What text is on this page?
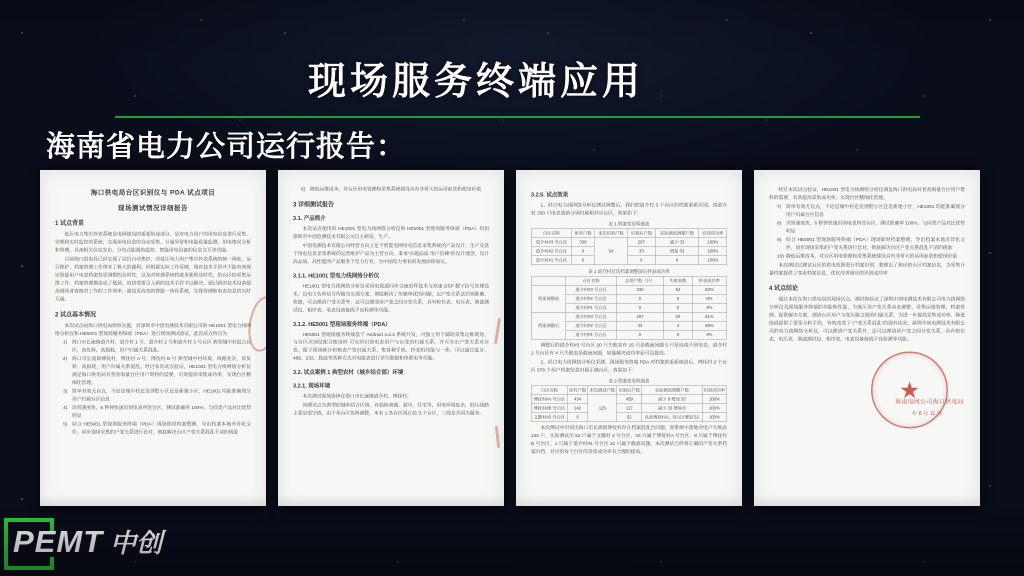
现场服务终端应用
海南省电力公司运行报告：
海口供电局台区识别仪与 PDA 试点项目
现场测试情况详细报告
1 试点背景
低压电力集中抄表系统是电网建设的重要组成部分，是对电力用户的用电信息进行采集、处理和实时监控的系统，实现用电信息的自动采集、计量异常和电能质量监测、用电情况分析和管理，具备相关信息发布、分布式能源的监控、智能用电设备的信息交互等功能。
目前海口供电局已经实现了居民自动集抄，对低压电力用户集中抄表系统的统一调度、运行维护、档案管理工作带来了极大的便利。但根据实际工作反映，现有技术手段并不能有效保证海量用户电表档案变更调整的及时性，以及对管理系统档案更新的及时性，给台区的采集运维工作、档案管理都造成了瓶颈，迫切需要引入新的技术手段予以解决，通过新的技术设备提高现场普查核对工作的工作效率，建设更高效的智能一体化系统，实现管理和电表信息的实时互通。
2 试点基本情况
本次试点由海口供电局组织实施，对深圳市中创电测技术有限公司的 HE1001 型电力线网络分析仪和 HE5001 型现场服务终端（PDA）进行现场测试验证，此次试点特点为
1) 海口市长流镇道介村，道介村 1 号、道介村 2 号和道介村 3 号台区 典型城中村混合台区，高负荷、高损耗，用户归属关系混乱。
2) 海口市长流镇博抚村，博抚村 A 号、博抚村 B 号 典型城中村环境，线路复杂，高负荷、高损耗，用户归属关系混乱。经过本次试点验证，HE1001 型电力线网络分析仪满足海口供电局对普查海量台区用户资料的需要，有效提高采集成功率，实现台区精细化管理。
3) 简单有效无盲点，不论是城中村还是别墅小区还是新建小区，HE1001 均能准确划分用户归属台区信息
4) 识别速度快，6 秒钟快速识别电表所处台区，测试准确率 100%，与同类产品对比优势明显
5) 结合 HE5001 型现场服务终端（PDA）现场即时档案整理，导出档案本地差异化文件，同步现场采集的户变关系进行比对，彻底解决台区户变关系混乱不清的现象
6) 降低运维成本，对台区用电管理和采集系统建设具有非常大的运用前景和使用价值
3 详细测试报告
3.1. 产品简介
本次试点使用的 HE1001 型电力线网络分析仪和 HE5001 型现场服务终端（PDA）均由深圳市中创电测技术有限公司自主研发、生产。
中创电测技术有限公司经营方向立足于智能电网用电信息采集系统的产品设计、生产及基于用电信息采集系统的运营维护产品为主营方向，秉承“卓越品质 用户信赖”的设计理念，设计高品质、高性能的产品服务于电力行业，为中国电力事业的发展添砖加瓦。
3.1.1. HE1001 型电力线网络分析仪
HE1001 型电力线网络分析仪采用电载波同步交流采样技术与高速 DSP 数字信号处理技术，以电力负荷信号传输为实现方案，彻底解决了传输串扰的问题，以户变关系法识别准确、快捷，可以理清户变关系外，还可以理清用户变之间分变关系，具有校位表、电压表、谐波测试仪、相序表、电表设备接线不良检测等功能。
3.1.2. HE5001 型现场服务终端（PDA）
HE5001 型现场服务终端基于 Android 4.2.2 系统开发，可独立用于辅助采集运维现场，与台区识别仪配合使用时 可实时识别电表用户与台变的归属关系，并可导出户变关系对应表，便于现场统计和核查户变归属关系，集各种手机、抄表机功能与一体，可以通过蓝牙、485、232、载波等各种方式对电能表进行读写数据和串联电等功能。
3.2. 试点案例 1 典型农村（城乡结合部）环境
3.2.1. 现场环境
本次测试现场选择在海口市长流镇道介村、博抚村。
该测试点为典型的城乡结合区域，有临街商铺、超市、住宅等，用电环境复杂，低压线路主要是架空线，由于本台区负荷调整，本来 1 各台区现在装 3 个台区，三线是共同为服务。
3.2.5. 试点效果
1、经过电力线网络分析仪测试调整后，我们把道介村 3 个台区的档案重新识别，将道介村 330 只电表重新分别归属相对应台区，效果如下：
表 1 档案变更明细表
台区名称	原有户数	本次识别户数	识别后户数	实际测试调整户数	识别成功率
道介村#3 号台区	330	54	297	减少 33	100%
道介村#2 号台区	0		33	增加 33	100%
道介村#1 号台区	0		0	0	100%
表 1 道介村首次档案调整前后抄表成功率
	台区名称	总用户数（只）	失败表数	抄表成功率
档案调整前	道介村#3 号台区	330	54	83%
	道介村#2 号台区	0	0	0%
	道介村#1 号台区	0	0	0%
档案调整后	道介村#3 号台区	297	20	91%
	道介村#2 号台区	33	4	88%
	道介村#1 号台区	0	0	0%
调整后的道介村#3 号台区 20 只失败表有 15 只是截流问题 5 只是连线不到电表，道介村 2 号台区有 4 只失败表是截流问题，如能解决成功率还可以提高。
2、经过电力线网络分析仪采测，现场服务终端 PDA 对档案的重新核进后，博抚村 2 个台区 576 个用户档案信息归属正确台区，效果如下：
表 2 档案变更明细表
台区名称	原有户数	本次测试户数	识别后户数	实际测试调整户数	识别成功率
博抚村#A 号台区	434	125	459	减少 8 增加 33	100%
博抚村#B 号台区	142		117	减少 33 增加 8	100%
文脚村#2 号台区	0		52	从原博抚村A、B台区增加 52	100%
本次测试中识别出海口市长流镇博抚村存在档案混乱台问题，原系统中落地对电户失败表 125 户，实际测试出 52 户属于文脚村 2 号台区、33 只属于博抚村A 号台区、8 只属于博抚村B 号台区、1 只属于道介村#1 号台区 31 只属于截流问题。本次测试已经将正确的户变关系档案归档，对应的每个台区的采集成功率有合理的提高。
经过本次试点验证，HE1001 型电力线网络分析仪满足海口供电局对普查海量台区用户资料的需要，有效提高采集成功率，实现台区精细化管理。
7) 简单有效无盲点，不论是城中村还是别墅小区还是新建小区，HE1001 均能准确划分用户归属台区信息
8) 识别速度快，6 秒钟快速识别电表所处台区，测试准确率 100%，与同类产品对比优势明显
9) 结合 HE5001 型现场服务终端（PDA）现场即时档案整理，导出档案本地差异化文件，同步现场采集的户变关系进行比对，彻底解决台区户变关系混乱不清的现象
10) 降低运维成本，对台区用电管理和采集系统建设具有非常大的运用前景和使用价值
本次测试过测试台区的供电范围进行档案识别，整理出了相应的台区档案信息，为采集计量档案提供了变更档案信息，优化改善相应的识别成功率
4 试点结论
通过本次在海口供电局的现场试点，测试和验证了深圳中创电测技术有限公司电力线网络分析仪及现场服务终端的功能和性能，为低压用户变关系动态调整、采集运维管理、档案管理、提供解决方案，理清台区用户与变压器之间的归属关系，为进一步提高采集成功率、降低线损提供了借鉴分析手段，有效改变了“户变关系混乱”的现有状况。深圳中创电测技术有限公司的电力线网络分析仪，可以理清户变关系外，还可以理清用户变之间分变关系，具有校位表、电压表、谐波测试仪、相序表、电表设备接线不良检测等功能。
★
海南电网公司海口供电局
年 8 月 11 日
PEMT 中创
